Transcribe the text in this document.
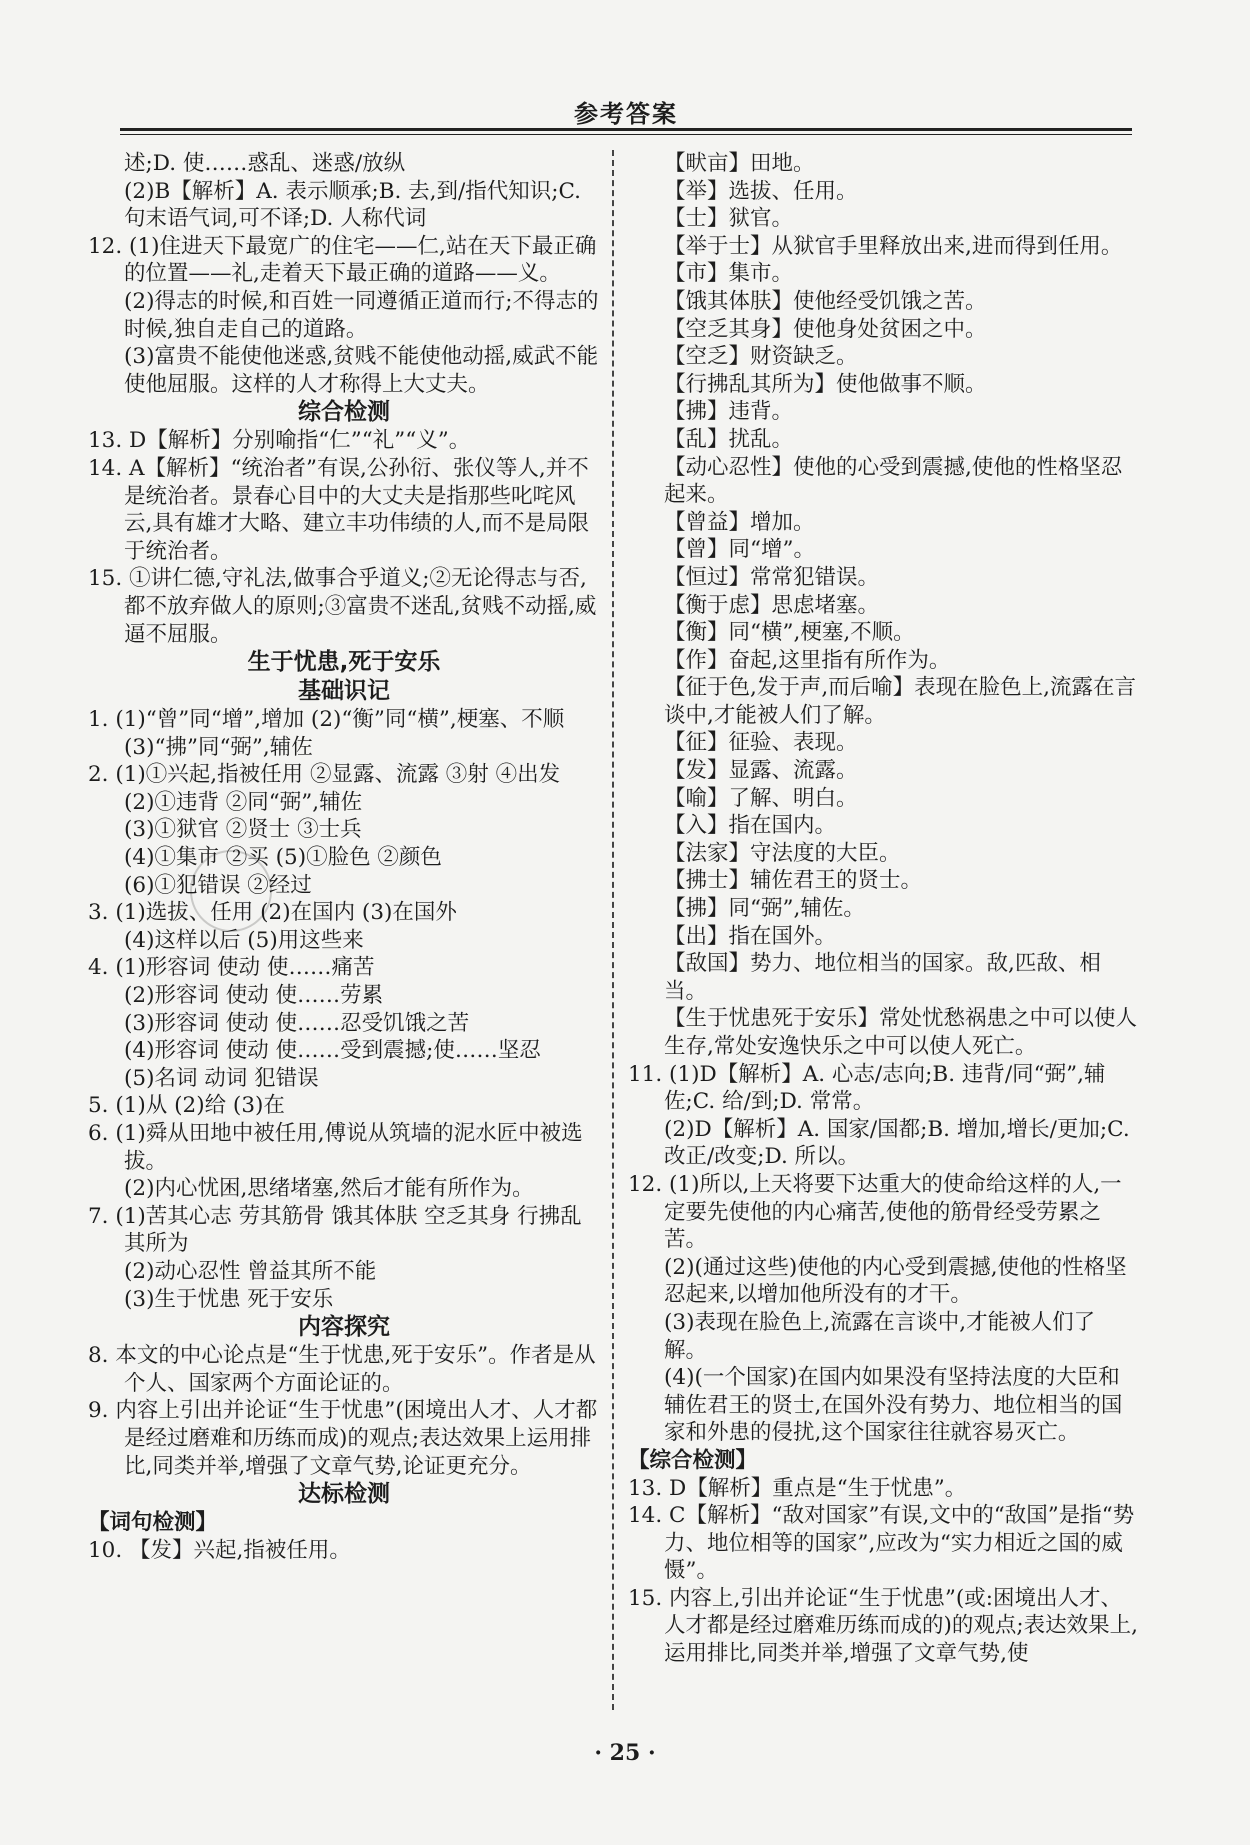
参考答案

述;D. 使……惑乱、迷惑/放纵

(2)B【解析】A. 表示顺承;B. 去,到/指代知识;C. 句末语气词,可不译;D. 人称代词

12. (1)住进天下最宽广的住宅——仁,站在天下最正确的位置——礼,走着天下最正确的道路——义。

(2)得志的时候,和百姓一同遵循正道而行;不得志的时候,独自走自己的道路。

(3)富贵不能使他迷惑,贫贱不能使他动摇,威武不能使他屈服。这样的人才称得上大丈夫。

综合检测

13. D【解析】分别喻指“仁”“礼”“义”。

14. A【解析】“统治者”有误,公孙衍、张仪等人,并不是统治者。景春心目中的大丈夫是指那些叱咤风云,具有雄才大略、建立丰功伟绩的人,而不是局限于统治者。

15. ①讲仁德,守礼法,做事合乎道义;②无论得志与否,都不放弃做人的原则;③富贵不迷乱,贫贱不动摇,威逼不屈服。

生于忧患,死于安乐

基础识记

1. (1)“曾”同“增”,增加 (2)“衡”同“横”,梗塞、不顺

(3)“拂”同“弼”,辅佐

2. (1)①兴起,指被任用 ②显露、流露 ③射 ④出发

(2)①违背 ②同“弼”,辅佐

(3)①狱官 ②贤士 ③士兵

(4)①集市 ②买 (5)①脸色 ②颜色

(6)①犯错误 ②经过

3. (1)选拔、任用 (2)在国内 (3)在国外

(4)这样以后 (5)用这些来

4. (1)形容词 使动 使……痛苦

(2)形容词 使动 使……劳累

(3)形容词 使动 使……忍受饥饿之苦

(4)形容词 使动 使……受到震撼;使……坚忍

(5)名词 动词 犯错误

5. (1)从 (2)给 (3)在

6. (1)舜从田地中被任用,傅说从筑墙的泥水匠中被选拔。

(2)内心忧困,思绪堵塞,然后才能有所作为。

7. (1)苦其心志 劳其筋骨 饿其体肤 空乏其身 行拂乱其所为

(2)动心忍性 曾益其所不能

(3)生于忧患 死于安乐

内容探究

8. 本文的中心论点是“生于忧患,死于安乐”。作者是从个人、国家两个方面论证的。

9. 内容上引出并论证“生于忧患”(困境出人才、人才都是经过磨难和历练而成)的观点;表达效果上运用排比,同类并举,增强了文章气势,论证更充分。

达标检测

【词句检测】

10. 【发】兴起,指被任用。

【畎亩】田地。

【举】选拔、任用。

【士】狱官。

【举于士】从狱官手里释放出来,进而得到任用。

【市】集市。

【饿其体肤】使他经受饥饿之苦。

【空乏其身】使他身处贫困之中。

【空乏】财资缺乏。

【行拂乱其所为】使他做事不顺。

【拂】违背。

【乱】扰乱。

【动心忍性】使他的心受到震撼,使他的性格坚忍起来。

【曾益】增加。

【曾】同“增”。

【恒过】常常犯错误。

【衡于虑】思虑堵塞。

【衡】同“横”,梗塞,不顺。

【作】奋起,这里指有所作为。

【征于色,发于声,而后喻】表现在脸色上,流露在言谈中,才能被人们了解。

【征】征验、表现。

【发】显露、流露。

【喻】了解、明白。

【入】指在国内。

【法家】守法度的大臣。

【拂士】辅佐君王的贤士。

【拂】同“弼”,辅佐。

【出】指在国外。

【敌国】势力、地位相当的国家。敌,匹敌、相当。

【生于忧患死于安乐】常处忧愁祸患之中可以使人生存,常处安逸快乐之中可以使人死亡。

11. (1)D【解析】A. 心志/志向;B. 违背/同“弼”,辅佐;C. 给/到;D. 常常。

(2)D【解析】A. 国家/国都;B. 增加,增长/更加;C. 改正/改变;D. 所以。

12. (1)所以,上天将要下达重大的使命给这样的人,一定要先使他的内心痛苦,使他的筋骨经受劳累之苦。

(2)(通过这些)使他的内心受到震撼,使他的性格坚忍起来,以增加他所没有的才干。

(3)表现在脸色上,流露在言谈中,才能被人们了解。

(4)(一个国家)在国内如果没有坚持法度的大臣和辅佐君王的贤士,在国外没有势力、地位相当的国家和外患的侵扰,这个国家往往就容易灭亡。

【综合检测】

13. D【解析】重点是“生于忧患”。

14. C【解析】“敌对国家”有误,文中的“敌国”是指“势力、地位相等的国家”,应改为“实力相近之国的威慑”。

15. 内容上,引出并论证“生于忧患”(或:困境出人才、人才都是经过磨难历练而成的)的观点;表达效果上,运用排比,同类并举,增强了文章气势,使

· 25 ·
